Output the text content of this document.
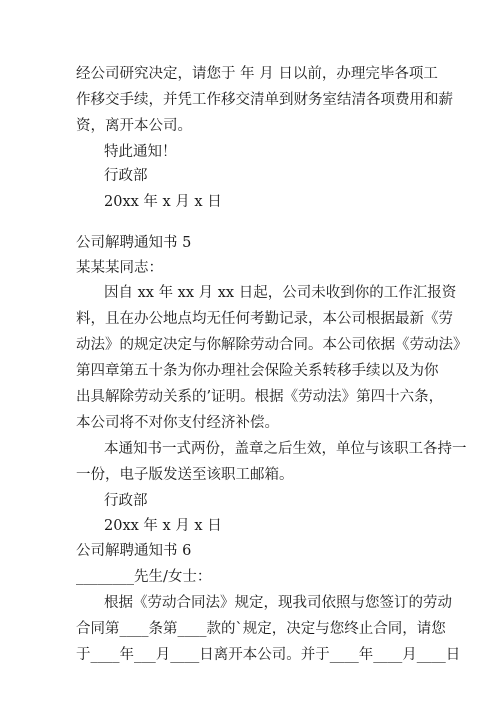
经公司研究决定，请您于 年 月 日以前，办理完毕各项工

作移交手续，并凭工作移交清单到财务室结清各项费用和薪

资，离开本公司。

特此通知！

行政部

20xx 年 x 月 x 日

公司解聘通知书 5

某某某同志：

因自 xx 年 xx 月 xx 日起，公司未收到你的工作汇报资

料，且在办公地点均无任何考勤记录，本公司根据最新《劳

动法》的规定决定与你解除劳动合同。本公司依据《劳动法》

第四章第五十条为你办理社会保险关系转移手续以及为你

出具解除劳动关系的’证明。根据《劳动法》第四十六条，

本公司将不对你支付经济补偿。

本通知书一式两份，盖章之后生效，单位与该职工各持一

一份，电子版发送至该职工邮箱。

行政部

20xx 年 x 月 x 日

公司解聘通知书 6

________先生/女士：

根据《劳动合同法》规定，现我司依照与您签订的劳动

合同第____条第____款的`规定，决定与您终止合同，请您

于____年___月____日离开本公司。并于____年____月____日
